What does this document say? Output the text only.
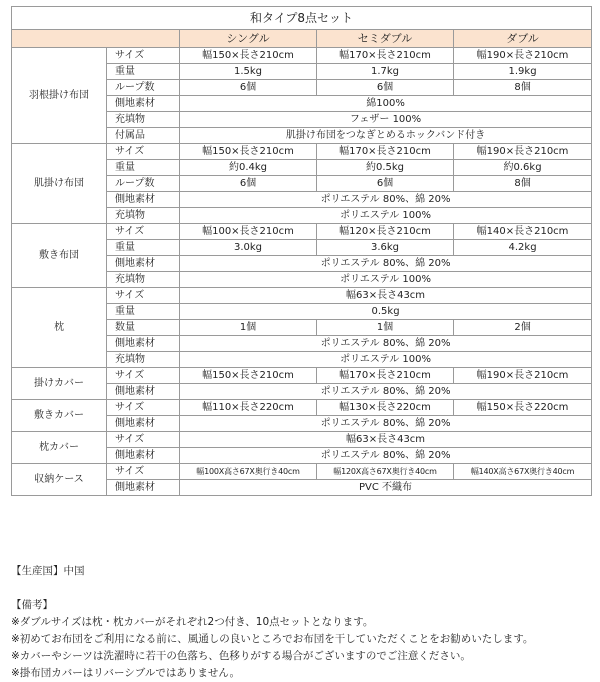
和タイプ8点セット				
		シングル	セミダブル	ダブル
羽根掛け布団	サイズ	幅150×長さ210cm	幅170×長さ210cm	幅190×長さ210cm
	重量	1.5kg	1.7kg	1.9kg
	ループ数	6個	6個	8個
	側地素材	綿100%		
	充填物	フェザー 100%		
	付属品	肌掛け布団をつなぎとめるホックバンド付き		
肌掛け布団	サイズ	幅150×長さ210cm	幅170×長さ210cm	幅190×長さ210cm
	重量	約0.4kg	約0.5kg	約0.6kg
	ループ数	6個	6個	8個
	側地素材	ポリエステル 80%、綿 20%		
	充填物	ポリエステル 100%		
敷き布団	サイズ	幅100×長さ210cm	幅120×長さ210cm	幅140×長さ210cm
	重量	3.0kg	3.6kg	4.2kg
	側地素材	ポリエステル 80%、綿 20%		
	充填物	ポリエステル 100%		
枕	サイズ	幅63×長さ43cm		
	重量	0.5kg		
	数量	1個	1個	2個
	側地素材	ポリエステル 80%、綿 20%		
	充填物	ポリエステル 100%		
掛けカバー	サイズ	幅150×長さ210cm	幅170×長さ210cm	幅190×長さ210cm
	側地素材	ポリエステル 80%、綿 20%		
敷きカバー	サイズ	幅110×長さ220cm	幅130×長さ220cm	幅150×長さ220cm
	側地素材	ポリエステル 80%、綿 20%		
枕カバー	サイズ	幅63×長さ43cm		
	側地素材	ポリエステル 80%、綿 20%		
収納ケース	サイズ	幅100X高さ67X奥行き40cm	幅120X高さ67X奥行き40cm	幅140X高さ67X奥行き40cm
	側地素材	PVC 不織布		

【生産国】中国

【備考】

※ダブルサイズは枕・枕カバーがそれぞれ2つ付き、10点セットとなります。

※初めてお布団をご利用になる前に、風通しの良いところでお布団を干していただくことをお勧めいたします。

※カバーやシーツは洗濯時に若干の色落ち、色移りがする場合がございますのでご注意ください。

※掛布団カバーはリバーシブルではありません。
